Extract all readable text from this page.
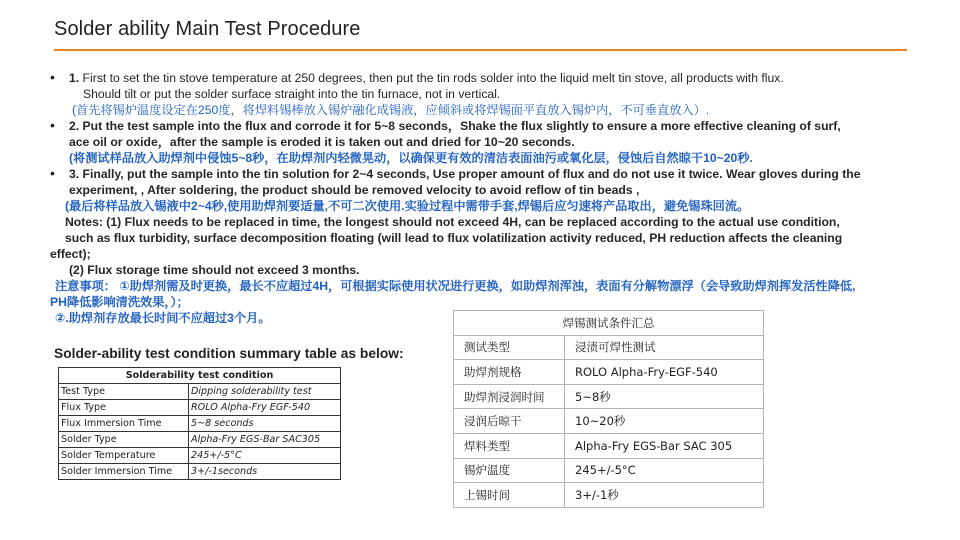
Solder ability Main Test Procedure
• 1. First to set the tin stove temperature at 250 degrees, then put the tin rods solder into the liquid melt tin stove, all products with flux.
Should tilt or put the solder surface straight into the tin furnace, not in vertical.
(首先将锡炉温度设定在250度，将焊料锡棒放入锡炉融化成锡液，应倾斜或将焊锡面平直放入锡炉内，不可垂直放入）.
• 2. Put the test sample into the flux and corrode it for 5~8 seconds，Shake the flux slightly to ensure a more effective cleaning of surf,
ace oil or oxide，after the sample is eroded it is taken out and dried for 10~20 seconds.
(将测试样品放入助焊剂中侵蚀5~8秒，在助焊剂内轻微晃动，以确保更有效的清洁表面油污或氧化层，侵蚀后自然晾干10~20秒.
• 3. Finally, put the sample into the tin solution for 2~4 seconds, Use proper amount of flux and do not use it twice. Wear gloves during the
experiment, , After soldering, the product should be removed velocity to avoid reflow of tin beads ,
(最后将样品放入锡液中2~4秒,使用助焊剂要适量,不可二次使用.实验过程中需带手套,焊锡后应匀速将产品取出，避免锡珠回流。
Notes: (1) Flux needs to be replaced in time, the longest should not exceed 4H, can be replaced according to the actual use condition,
such as flux turbidity, surface decomposition floating (will lead to flux volatilization activity reduced, PH reduction affects the cleaning
effect);
(2) Flux storage time should not exceed 3 months.
注意事项： ①助焊剂需及时更换，最长不应超过4H，可根据实际使用状况进行更换，如助焊剂浑浊，表面有分解物漂浮（会导致助焊剂挥发活性降低,
PH降低影响清洗效果，）；
②.助焊剂存放最长时间不应超过3个月。
Solder-ability test condition summary table as below:
Solderability test condition	
Test Type	Dipping solderability test
Flux Type	ROLO Alpha-Fry EGF-540
Flux Immersion Time	5~8 seconds
Solder Type	Alpha-Fry EGS-Bar SAC305
Solder Temperature	245+/-5°C
Solder Immersion Time	3+/-1seconds
焊锡测试条件汇总	
测试类型	浸渍可焊性测试
助焊剂规格	ROLO Alpha-Fry-EGF-540
助焊剂浸润时间	5~8秒
浸润后晾干	10~20秒
焊料类型	Alpha-Fry EGS-Bar SAC 305
锡炉温度	245+/-5°C
上锡时间	3+/-1秒
